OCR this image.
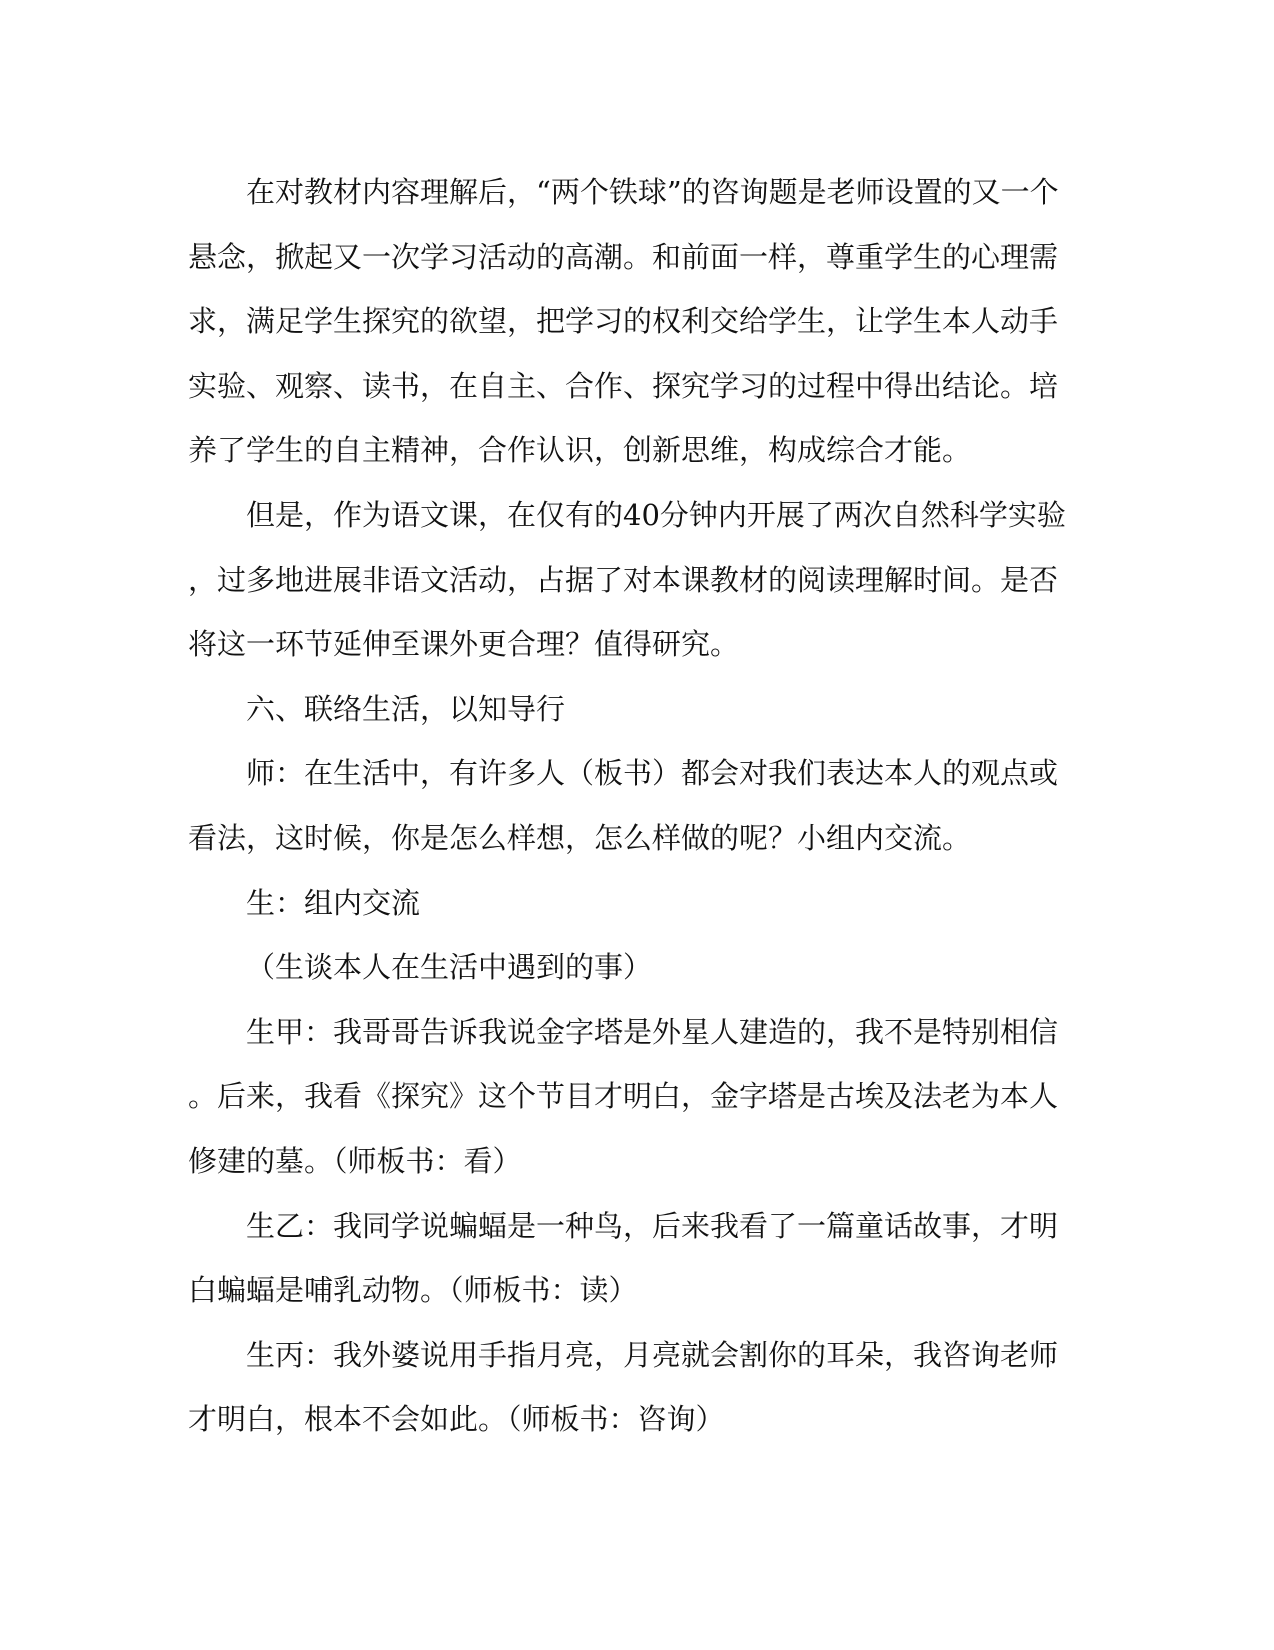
在对教材内容理解后，“两个铁球”的咨询题是老师设置的又一个
悬念，掀起又一次学习活动的高潮。和前面一样，尊重学生的心理需
求，满足学生探究的欲望，把学习的权利交给学生，让学生本人动手
实验、观察、读书，在自主、合作、探究学习的过程中得出结论。培
养了学生的自主精神，合作认识，创新思维，构成综合才能。
但是，作为语文课，在仅有的40分钟内开展了两次自然科学实验
，过多地进展非语文活动，占据了对本课教材的阅读理解时间。是否
将这一环节延伸至课外更合理？值得研究。
六、联络生活，以知导行
师：在生活中，有许多人（板书）都会对我们表达本人的观点或
看法，这时候，你是怎么样想，怎么样做的呢？小组内交流。
生：组内交流
（生谈本人在生活中遇到的事）
生甲：我哥哥告诉我说金字塔是外星人建造的，我不是特别相信
。后来，我看《探究》这个节目才明白，金字塔是古埃及法老为本人
修建的墓。（师板书：看）
生乙：我同学说蝙蝠是一种鸟，后来我看了一篇童话故事，才明
白蝙蝠是哺乳动物。（师板书：读）
生丙：我外婆说用手指月亮，月亮就会割你的耳朵，我咨询老师
才明白，根本不会如此。（师板书：咨询）
